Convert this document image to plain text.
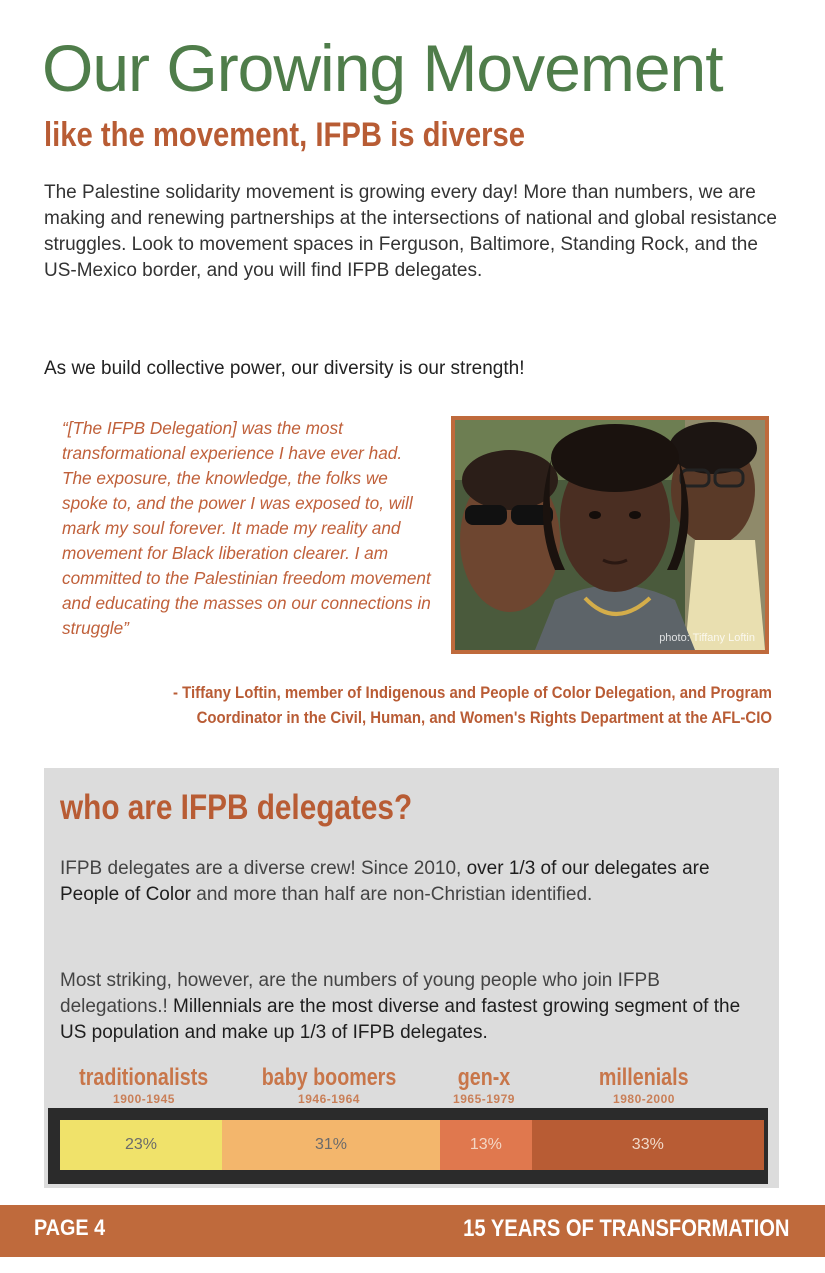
Our Growing Movement
like the movement, IFPB is diverse

The Palestine solidarity movement is growing every day! More than numbers, we are making and renewing partnerships at the intersections of national and global resistance struggles. Look to movement spaces in Ferguson, Baltimore, Standing Rock, and the US-Mexico border, and you will find IFPB delegates.

As we build collective power, our diversity is our strength!

“[The IFPB Delegation] was the most transformational experience I have ever had. The exposure, the knowledge, the folks we spoke to, and the power I was exposed to, will mark my soul forever. It made my reality and movement for Black liberation clearer. I am committed to the Palestinian freedom movement and educating the masses on our connections in struggle”	photo: Tiffany Loftin
- Tiffany Loftin, member of Indigenous and People of Color Delegation, and Program
Coordinator in the Civil, Human, and Women's Rights Department at the AFL-CIO
who are IFPB delegates?

IFPB delegates are a diverse crew! Since 2010, over 1/3 of our delegates are People of Color and more than half are non-Christian identified.

Most striking, however, are the numbers of young people who join IFPB delegations.! Millennials are the most diverse and fastest growing segment of the US population and make up 1/3 of IFPB delegates.

traditionalists
1900-1945
baby boomers
1946-1964
gen-x
1965-1979
millenials
1980-2000
23%	31%	13%	33%
PAGE 4	15 YEARS OF TRANSFORMATION
